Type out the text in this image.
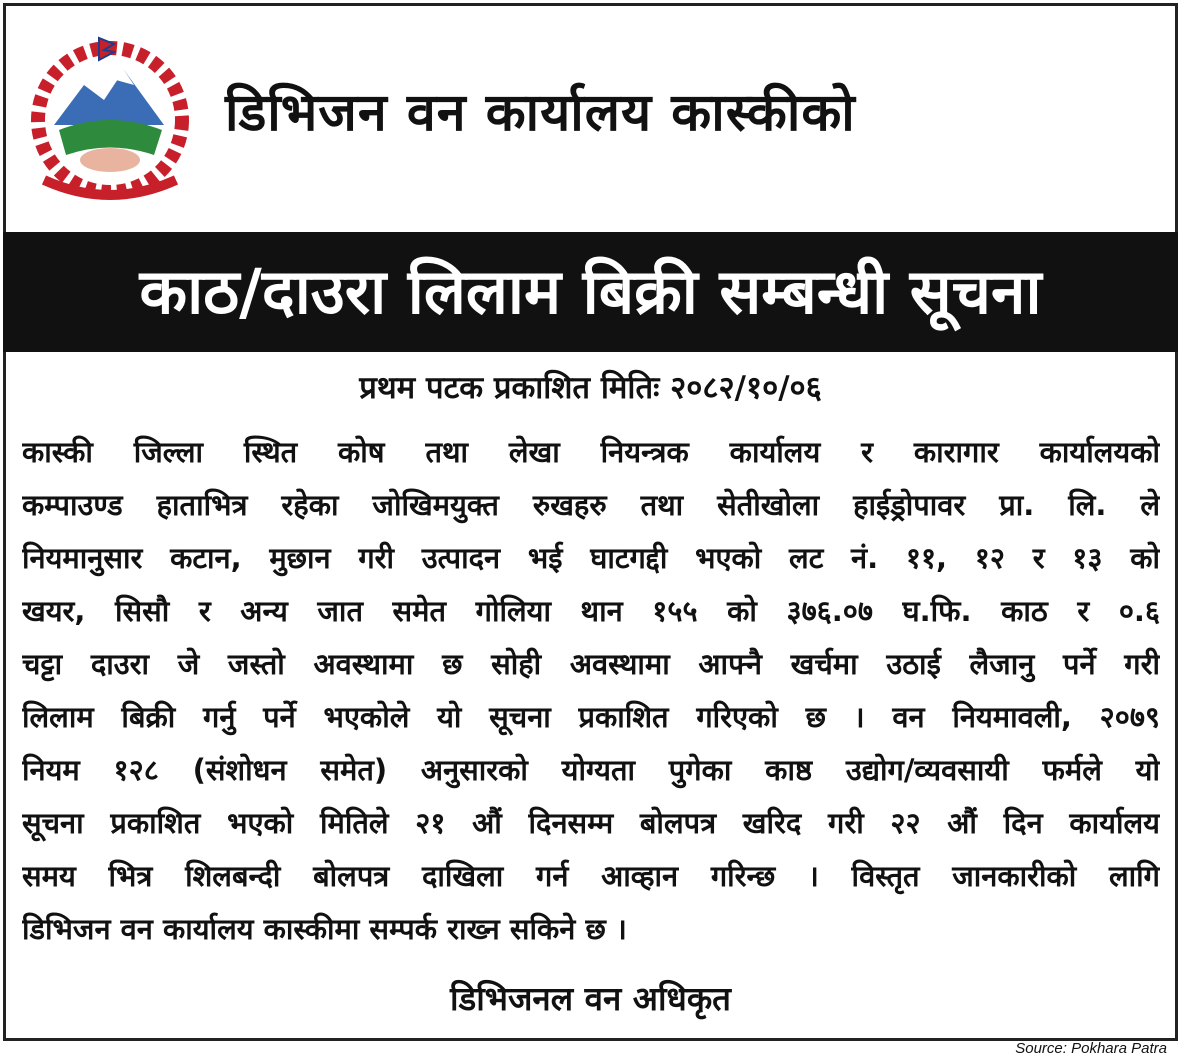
डिभिजन वन कार्यालय कास्कीको
काठ/दाउरा लिलाम बिक्री सम्बन्धी सूचना
प्रथम पटक प्रकाशित मितिः २०८२/१०/०६
कास्की जिल्ला स्थित कोष तथा लेखा नियन्त्रक कार्यालय र कारागार कार्यालयको
कम्पाउण्ड हाताभित्र रहेका जोखिमयुक्त रुखहरु तथा सेतीखोला हाईड्रोपावर प्रा. लि. ले
नियमानुसार कटान, मुछान गरी उत्पादन भई घाटगद्दी भएको लट नं. ११, १२ र १३ को
खयर, सिसौ र अन्य जात समेत गोलिया थान १५५ को ३७६.०७ घ.फि. काठ र ०.६
चट्टा दाउरा जे जस्तो अवस्थामा छ सोही अवस्थामा आफ्नै खर्चमा उठाई लैजानु पर्ने गरी
लिलाम बिक्री गर्नु पर्ने भएकोले यो सूचना प्रकाशित गरिएको छ । वन नियमावली, २०७९
नियम १२८ (संशोधन समेत) अनुसारको योग्यता पुगेका काष्ठ उद्योग/व्यवसायी फर्मले यो
सूचना प्रकाशित भएको मितिले २१ औं दिनसम्म बोलपत्र खरिद गरी २२ औं दिन कार्यालय
समय भित्र शिलबन्दी बोलपत्र दाखिला गर्न आव्हान गरिन्छ । विस्तृत जानकारीको लागि
डिभिजन वन कार्यालय कास्कीमा सम्पर्क राख्न सकिने छ ।
डिभिजनल वन अधिकृत
Source: Pokhara Patra
